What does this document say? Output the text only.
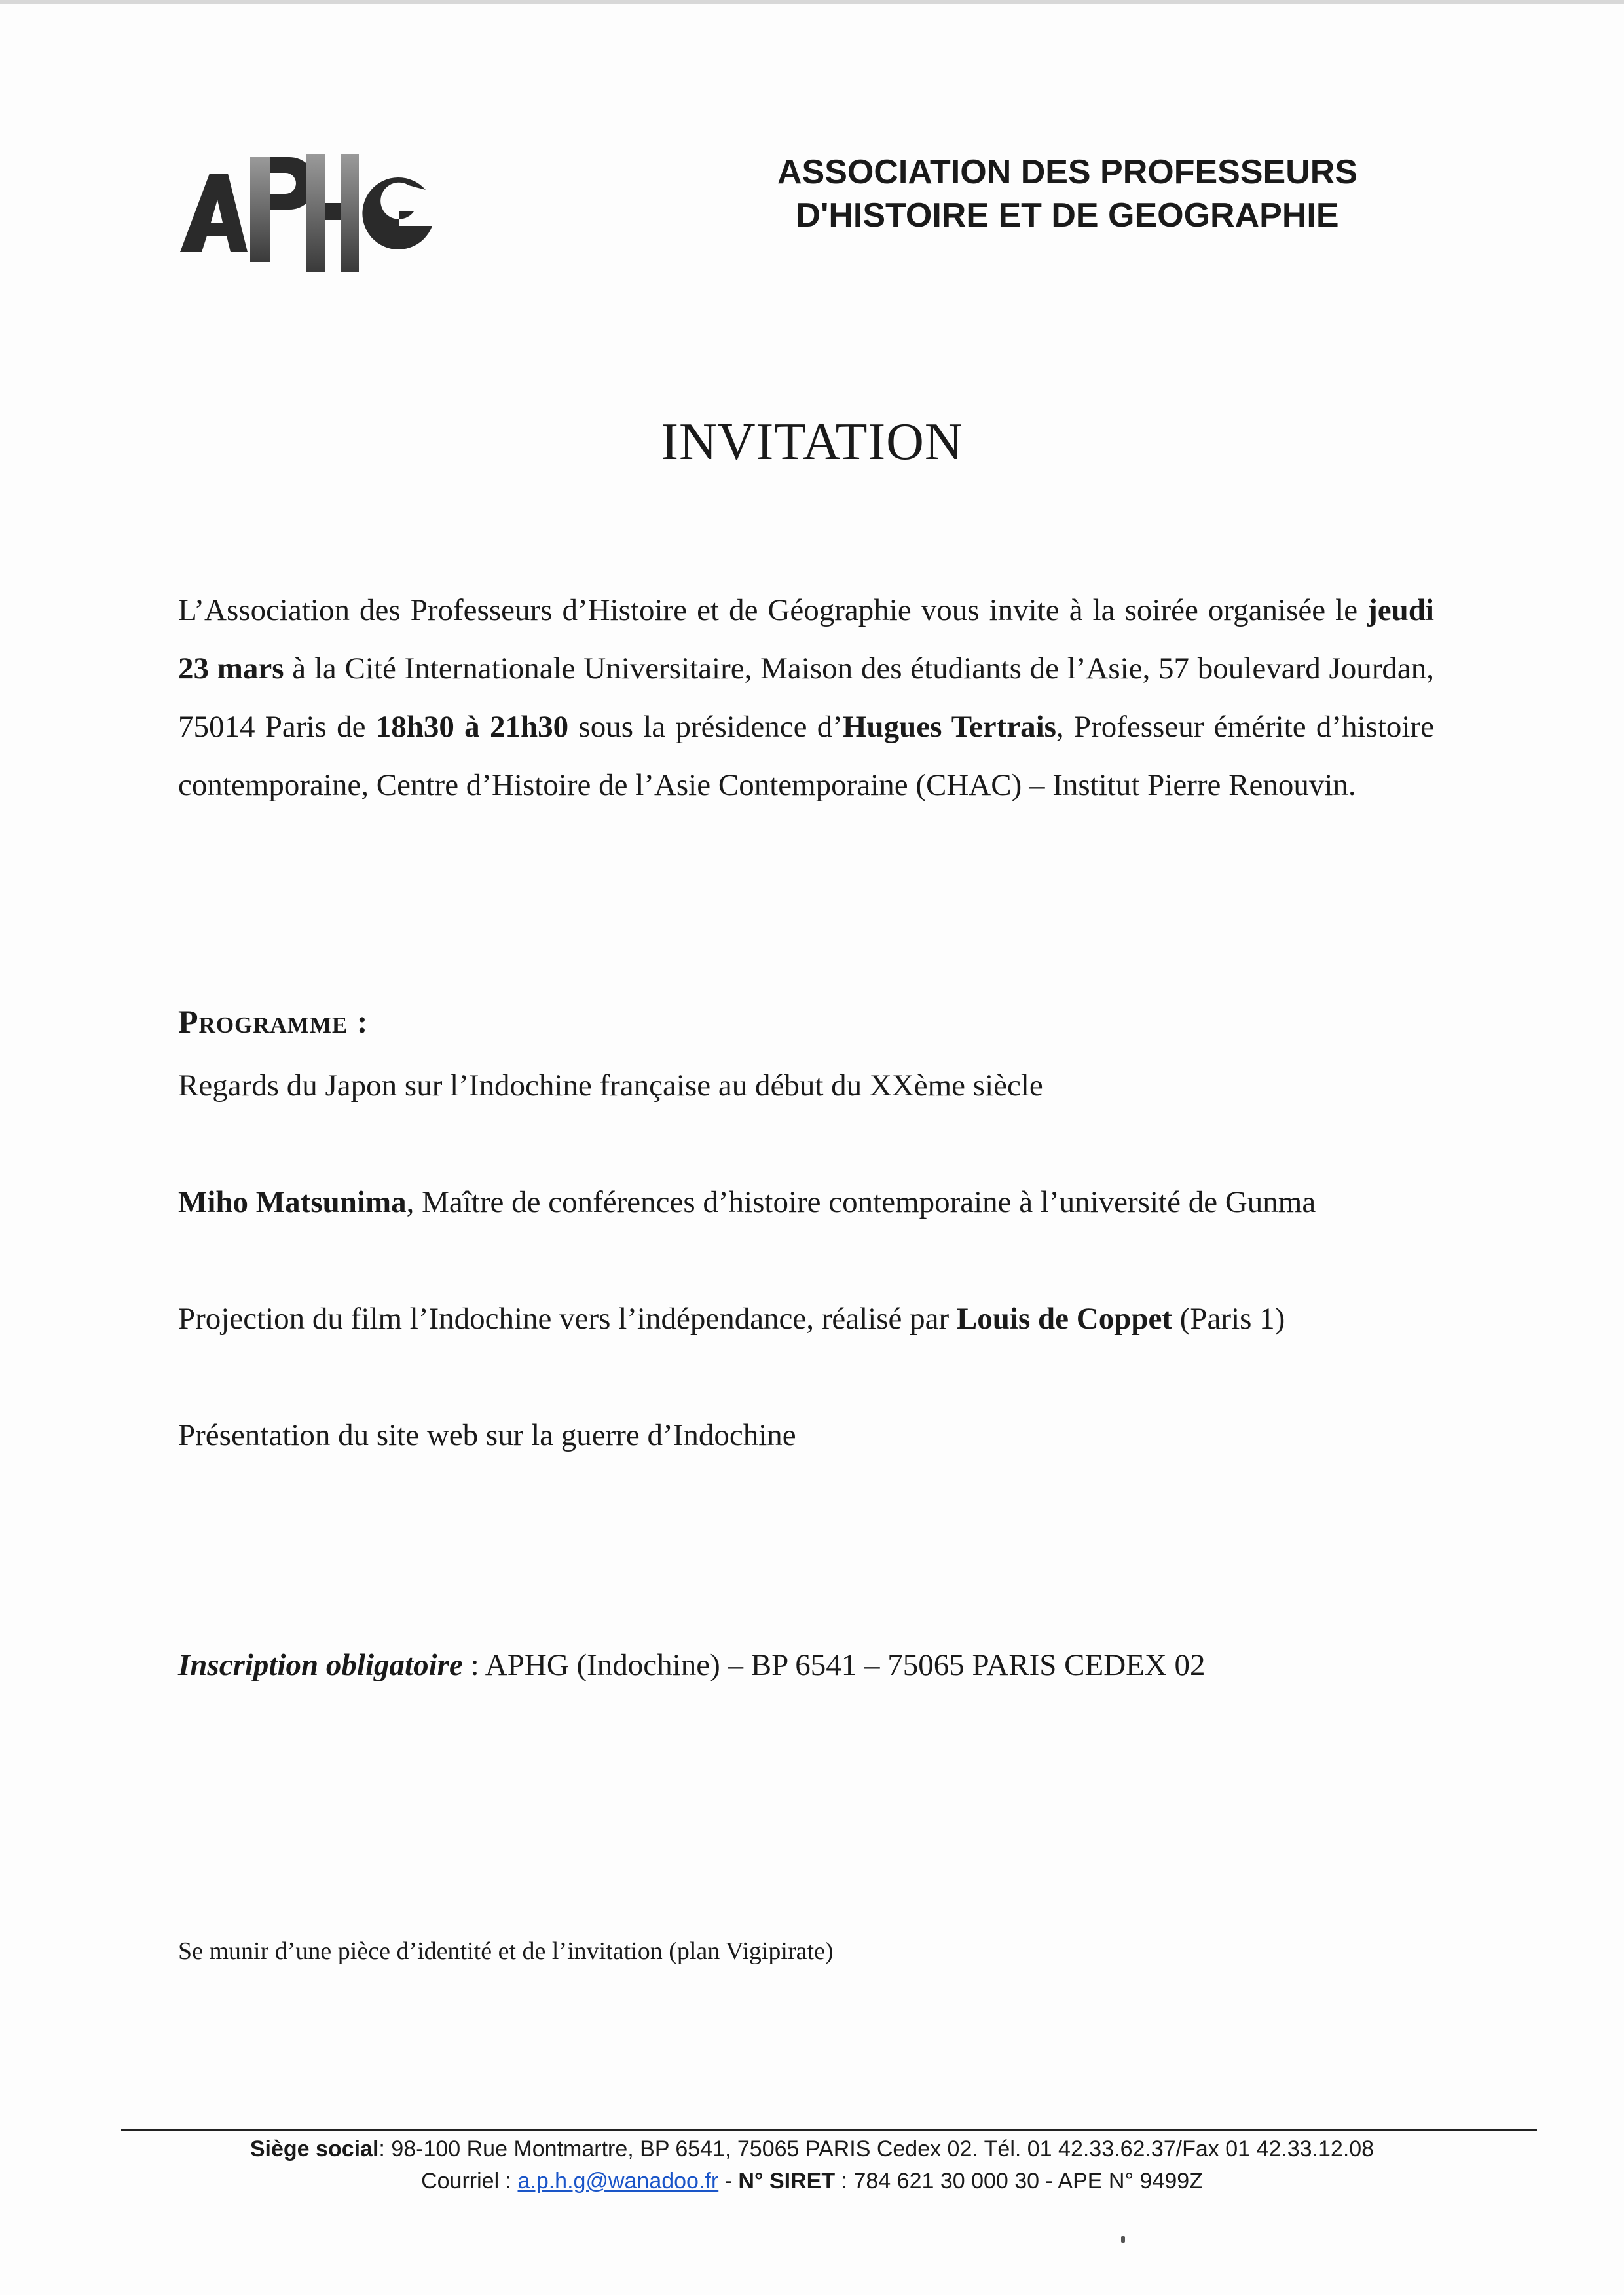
ASSOCIATION DES PROFESSEURS
D'HISTOIRE ET DE GEOGRAPHIE
INVITATION
L’Association des Professeurs d’Histoire et de Géographie vous invite à la soirée organisée le jeudi 23 mars à la Cité Internationale Universitaire, Maison des étudiants de l’Asie, 57 boulevard Jourdan, 75014 Paris de 18h30 à 21h30 sous la présidence d’Hugues Tertrais, Professeur émérite d’histoire contemporaine, Centre d’Histoire de l’Asie Contemporaine (CHAC) – Institut Pierre Renouvin.
Programme :
Regards du Japon sur l’Indochine française au début du XXème siècle
Miho Matsunima, Maître de conférences d’histoire contemporaine à l’université de Gunma
Projection du film l’Indochine vers l’indépendance, réalisé par Louis de Coppet (Paris 1)
Présentation du site web sur la guerre d’Indochine
Inscription obligatoire : APHG (Indochine) – BP 6541 – 75065 PARIS CEDEX 02
Se munir d’une pièce d’identité et de l’invitation (plan Vigipirate)
Siège social: 98-100 Rue Montmartre, BP 6541, 75065 PARIS Cedex 02. Tél. 01 42.33.62.37/Fax 01 42.33.12.08
Courriel : a.p.h.g@wanadoo.fr - N° SIRET : 784 621 30 000 30 - APE N° 9499Z
